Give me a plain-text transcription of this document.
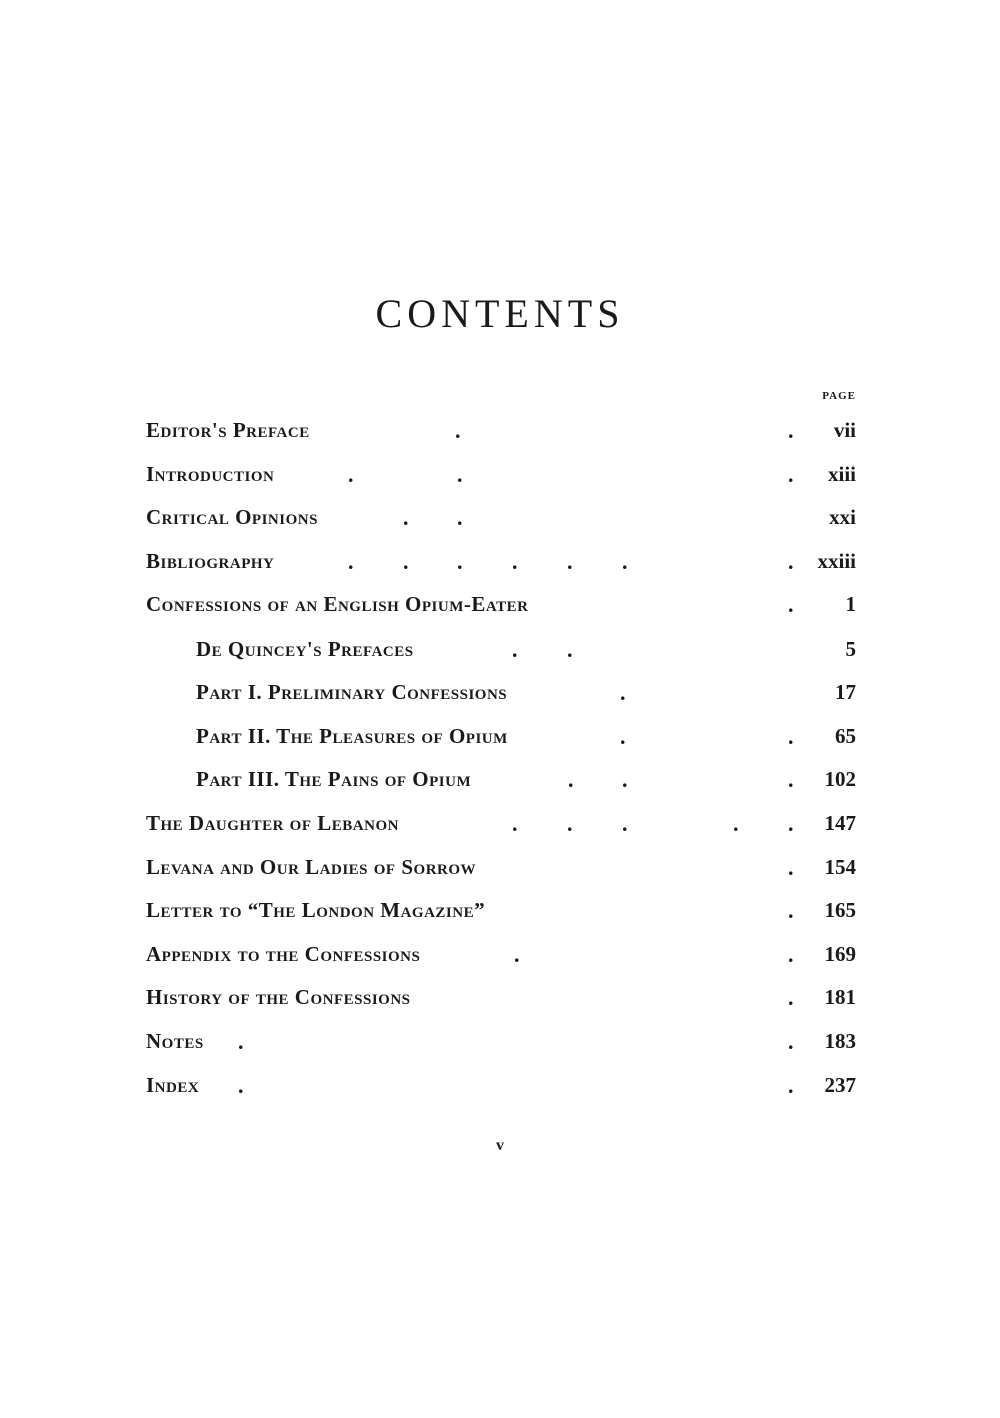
CONTENTS
PAGE
Editor's Preface	.	. vii
Introduction	.	.	. xiii
Critical Opinions	. .	xxi
Bibliography	. . . . . .	. xxiii
Confessions of an English Opium-Eater	. 1
De Quincey's Prefaces	. .	5
Part I. Preliminary Confessions	.	17
Part II. The Pleasures of Opium	.	. 65
Part III. The Pains of Opium	. .	. 102
The Daughter of Lebanon	. . .	. . 147
Levana and Our Ladies of Sorrow	. 154
Letter to “The London Magazine”	. 165
Appendix to the Confessions	.	. 169
History of the Confessions	. 181
Notes .	. 183
Index .	. 237
v
